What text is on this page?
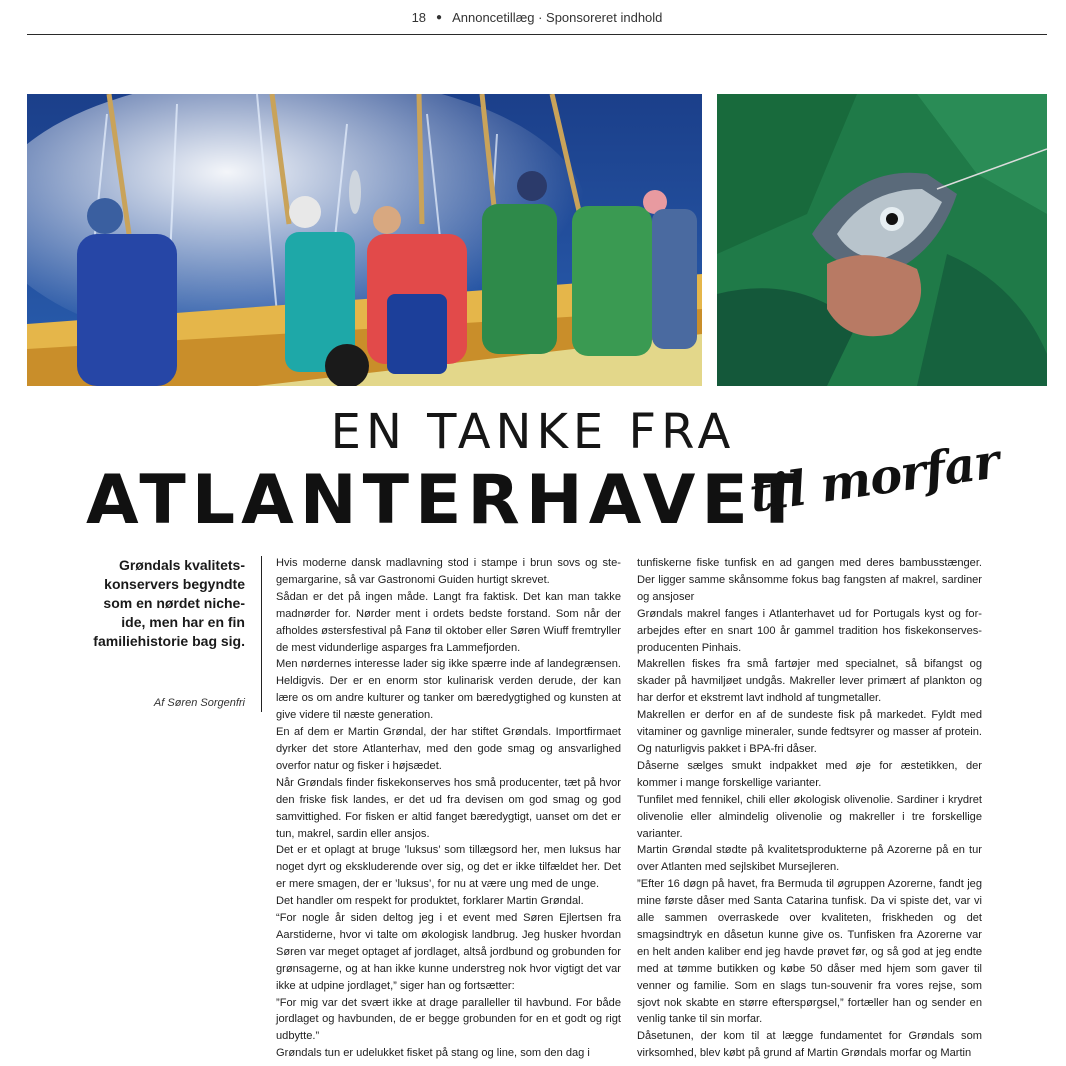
18 ● Annoncetillæg · Sponsoreret indhold
EN TANKE FRA
ATLANTERHAVET
til morfar
Grøndals kvalitets-konservers begyndte som en nørdet niche-ide, men har en fin familiehistorie bag sig.
Af Søren Sorgenfri

Hvis moderne dansk madlavning stod i stampe i brun sovs og ste-gemargarine, så var Gastronomi Guiden hurtigt skrevet.

Sådan er det på ingen måde. Langt fra faktisk. Det kan man takke madnørder for. Nørder ment i ordets bedste forstand. Som når der afholdes østersfestival på Fanø til oktober eller Søren Wiuff fremtryller de mest vidunderlige asparges fra Lammefjorden.

Men nørdernes interesse lader sig ikke spærre inde af landegrænsen. Heldigvis. Der er en enorm stor kulinarisk verden derude, der kan lære os om andre kulturer og tanker om bæredygtighed og kunsten at give videre til næste generation.

En af dem er Martin Grøndal, der har stiftet Grøndals. Importfirmaet dyrker det store Atlanterhav, med den gode smag og ansvarlighed overfor natur og fisker i højsædet.

Når Grøndals finder fiskekonserves hos små producenter, tæt på hvor den friske fisk landes, er det ud fra devisen om god smag og god samvittighed. For fisken er altid fanget bæredygtigt, uanset om det er tun, makrel, sardin eller ansjos.

Det er et oplagt at bruge ’luksus’ som tillægsord her, men luksus har noget dyrt og ekskluderende over sig, og det er ikke tilfældet her. Det er mere smagen, der er ’luksus’, for nu at være ung med de unge.

Det handler om respekt for produktet, forklarer Martin Grøndal.

“For nogle år siden deltog jeg i et event med Søren Ejlertsen fra Aarstiderne, hvor vi talte om økologisk landbrug. Jeg husker hvordan Søren var meget optaget af jordlaget, altså jordbund og grobunden for grønsagerne, og at han ikke kunne understreg nok hvor vigtigt det var ikke at udpine jordlaget,” siger han og fortsætter:

”For mig var det svært ikke at drage paralleller til havbund. For både jordlaget og havbunden, de er begge grobunden for en et godt og rigt udbytte.”

Grøndals tun er udelukket fisket på stang og line, som den dag i

tunfiskerne fiske tunfisk en ad gangen med deres bambusstænger. Der ligger samme skånsomme fokus bag fangsten af makrel, sardiner og ansjoser

Grøndals makrel fanges i Atlanterhavet ud for Portugals kyst og for-arbejdes efter en snart 100 år gammel tradition hos fiskekonserves-producenten Pinhais.

Makrellen fiskes fra små fartøjer med specialnet, så bifangst og skader på havmiljøet undgås. Makreller lever primært af plankton og har derfor et ekstremt lavt indhold af tungmetaller.

Makrellen er derfor en af de sundeste fisk på markedet. Fyldt med vitaminer og gavnlige mineraler, sunde fedtsyrer og masser af protein. Og naturligvis pakket i BPA-fri dåser.

Dåserne sælges smukt indpakket med øje for æstetikken, der kommer i mange forskellige varianter.

Tunfilet med fennikel, chili eller økologisk olivenolie. Sardiner i krydret olivenolie eller almindelig olivenolie og makreller i tre forskellige varianter.

Martin Grøndal stødte på kvalitetsprodukterne på Azorerne på en tur over Atlanten med sejlskibet Mursejleren.

”Efter 16 døgn på havet, fra Bermuda til øgruppen Azorerne, fandt jeg mine første dåser med Santa Catarina tunfisk. Da vi spiste det, var vi alle sammen overraskede over kvaliteten, friskheden og det smagsindtryk en dåsetun kunne give os. Tunfisken fra Azorerne var en helt anden kaliber end jeg havde prøvet før, og så god at jeg endte med at tømme butikken og købe 50 dåser med hjem som gaver til venner og familie. Som en slags tun-souvenir fra vores rejse, som sjovt nok skabte en større efterspørgsel,” fortæller han og sender en venlig tanke til sin morfar.

Dåsetunen, der kom til at lægge fundamentet for Grøndals som virksomhed, blev købt på grund af Martin Grøndals morfar og Martin
